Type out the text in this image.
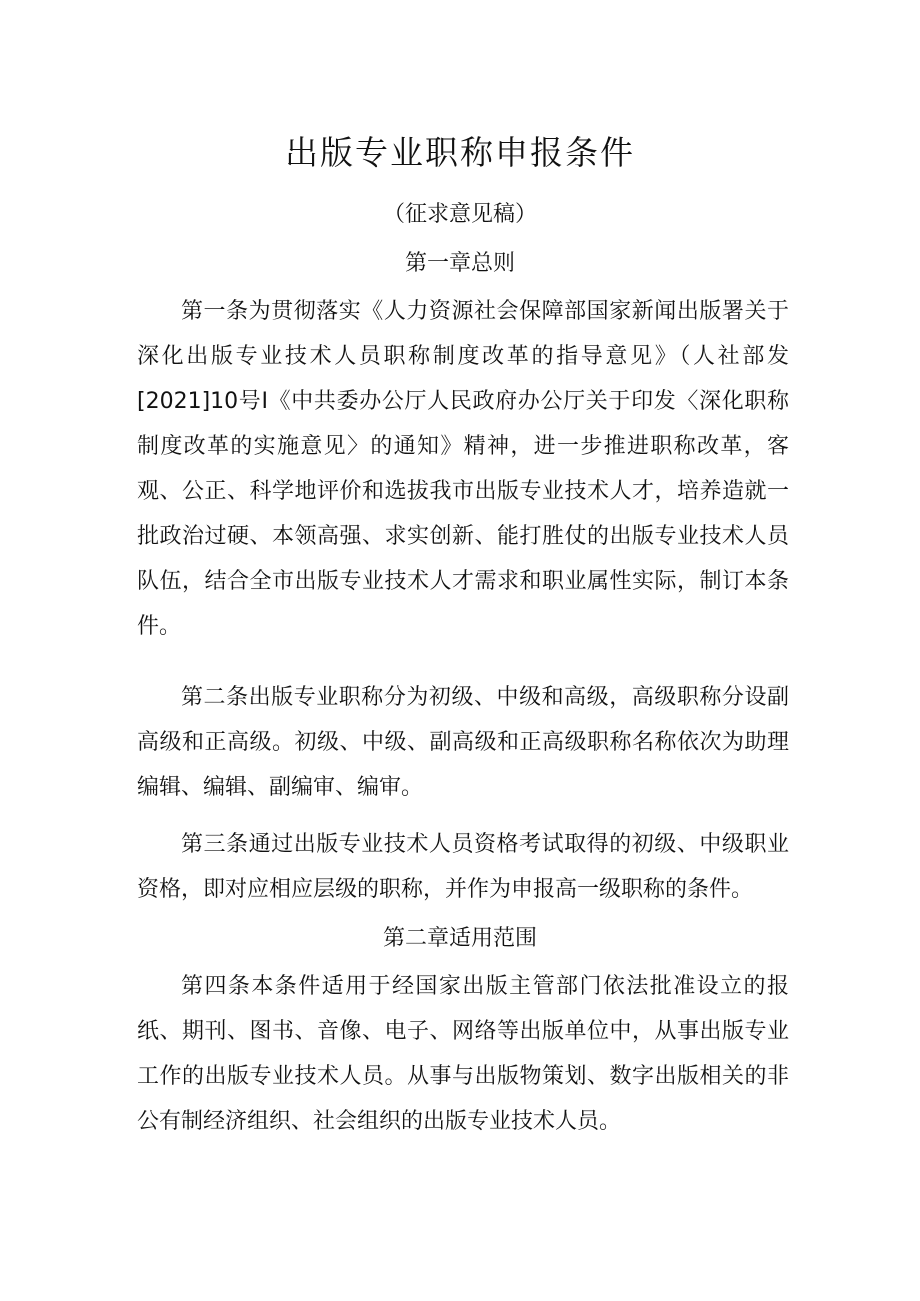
出版专业职称申报条件
（征求意见稿）
第一章总则

第一条为贯彻落实《人力资源社会保障部国家新闻出版署关于深化出版专业技术人员职称制度改革的指导意见》（人社部发[2021]10号I《中共委办公厅人民政府办公厅关于印发〈深化职称制度改革的实施意见〉的通知》精神，进一步推进职称改革，客观、公正、科学地评价和选拔我市出版专业技术人才，培养造就一批政治过硬、本领高强、求实创新、能打胜仗的出版专业技术人员队伍，结合全市出版专业技术人才需求和职业属性实际，制订本条件。

第二条出版专业职称分为初级、中级和高级，高级职称分设副高级和正高级。初级、中级、副高级和正高级职称名称依次为助理编辑、编辑、副编审、编审。

第三条通过出版专业技术人员资格考试取得的初级、中级职业资格，即对应相应层级的职称，并作为申报高一级职称的条件。

第二章适用范围

第四条本条件适用于经国家出版主管部门依法批准设立的报纸、期刊、图书、音像、电子、网络等出版单位中，从事出版专业工作的出版专业技术人员。从事与出版物策划、数字出版相关的非公有制经济组织、社会组织的出版专业技术人员。
